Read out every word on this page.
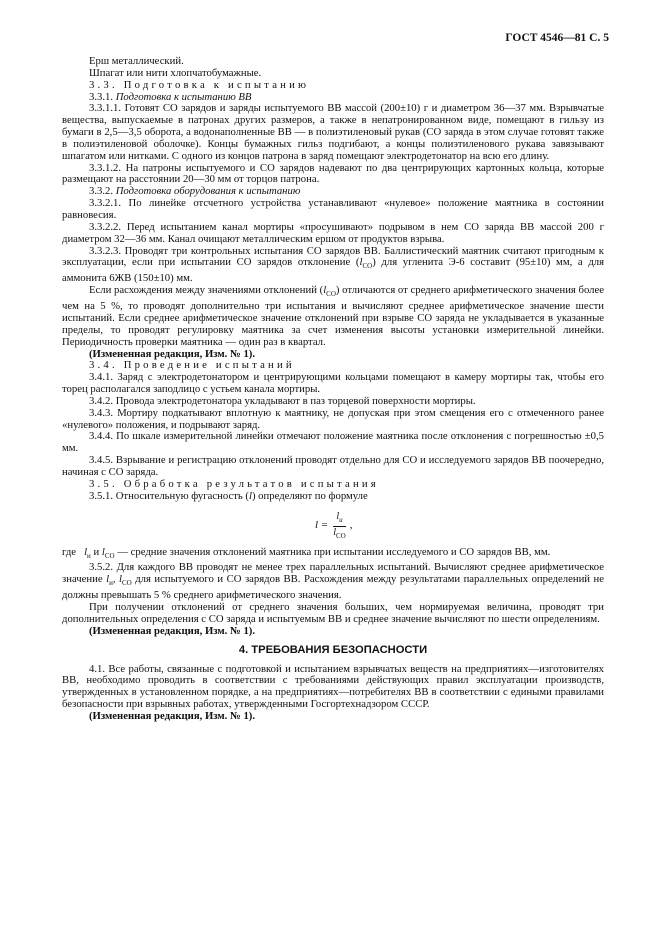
ГОСТ 4546—81 С. 5

Ерш металлический.

Шпагат или нити хлопчатобумажные.

3.3. Подготовка к испытанию

3.3.1. Подготовка к испытанию ВВ

3.3.1.1. Готовят СО зарядов и заряды испытуемого ВВ массой (200±10) г и диаметром 36—37 мм. Взрывчатые вещества, выпускаемые в патронах других размеров, а также в непатронированном виде, помещают в гильзу из бумаги в 2,5—3,5 оборота, а водонаполненные ВВ — в полиэтиленовый рукав (СО заряда в этом случае готовят также в полиэтиленовой оболочке). Концы бумажных гильз подгибают, а концы полиэтиленового рукава завязывают шпагатом или нитками. С одного из концов патрона в заряд помещают электродетонатор на всю его длину.

3.3.1.2. На патроны испытуемого и СО зарядов надевают по два центрирующих картонных кольца, которые размещают на расстоянии 20—30 мм от торцов патрона.

3.3.2. Подготовка оборудования к испытанию

3.3.2.1. По линейке отсчетного устройства устанавливают «нулевое» положение маятника в состоянии равновесия.

3.3.2.2. Перед испытанием канал мортиры «просушивают» подрывом в нем СО заряда ВВ массой 200 г диаметром 32—36 мм. Канал очищают металлическим ершом от продуктов взрыва.

3.3.2.3. Проводят три контрольных испытания СО зарядов ВВ. Баллистический маятник считают пригодным к эксплуатации, если при испытании СО зарядов отклонение $(l_{CO})$ для угленита Э-6 составит (95±10) мм, а для аммонита 6ЖВ (150±10) мм.

Если расхождения между значениями отклонений $(l_{CO})$ отличаются от среднего арифметического значения более чем на 5 %, то проводят дополнительно три испытания и вычисляют среднее арифметическое значение шести испытаний. Если среднее арифметическое значение отклонений при взрыве СО заряда не укладывается в указанные пределы, то проводят регулировку маятника за счет изменения высоты установки измерительной линейки. Периодичность проверки маятника — один раз в квартал.

(Измененная редакция, Изм. № 1).

3.4. Проведение испытаний

3.4.1. Заряд с электродетонатором и центрирующими кольцами помещают в камеру мортиры так, чтобы его торец располагался заподлицо с устьем канала мортиры.

3.4.2. Провода электродетонатора укладывают в паз торцевой поверхности мортиры.

3.4.3. Мортиру подкатывают вплотную к маятнику, не допуская при этом смещения его с отмеченного ранее «нулевого» положения, и подрывают заряд.

3.4.4. По шкале измерительной линейки отмечают положение маятника после отклонения с погрешностью ±0,5 мм.

3.4.5. Взрывание и регистрацию отклонений проводят отдельно для СО и исследуемого зарядов ВВ поочередно, начиная с СО заряда.

3.5. Обработка результатов испытания

3.5.1. Относительную фугасность (l) определяют по формуле

$l = \frac{l_и}{l_{CO}}$ ,

где $l_и$ и $l_{CO}$ — средние значения отклонений маятника при испытании исследуемого и СО зарядов ВВ, мм.

3.5.2. Для каждого ВВ проводят не менее трех параллельных испытаний. Вычисляют среднее арифметическое значение $l_и$, $l_{CO}$ для испытуемого и СО зарядов ВВ. Расхождения между результатами параллельных определений не должны превышать 5 % среднего арифметического значения.

При получении отклонений от среднего значения больших, чем нормируемая величина, проводят три дополнительных определения с СО заряда и испытуемым ВВ и среднее значение вычисляют по шести определениям.

(Измененная редакция, Изм. № 1).

4. ТРЕБОВАНИЯ БЕЗОПАСНОСТИ

4.1. Все работы, связанные с подготовкой и испытанием взрывчатых веществ на предприятиях—изготовителях ВВ, необходимо проводить в соответствии с требованиями действующих правил эксплуатации производств, утвержденных в установленном порядке, а на предприятиях—потребителях ВВ в соответствии с едиными правилами безопасности при взрывных работах, утвержденными Госгортехнадзором СССР.

(Измененная редакция, Изм. № 1).
